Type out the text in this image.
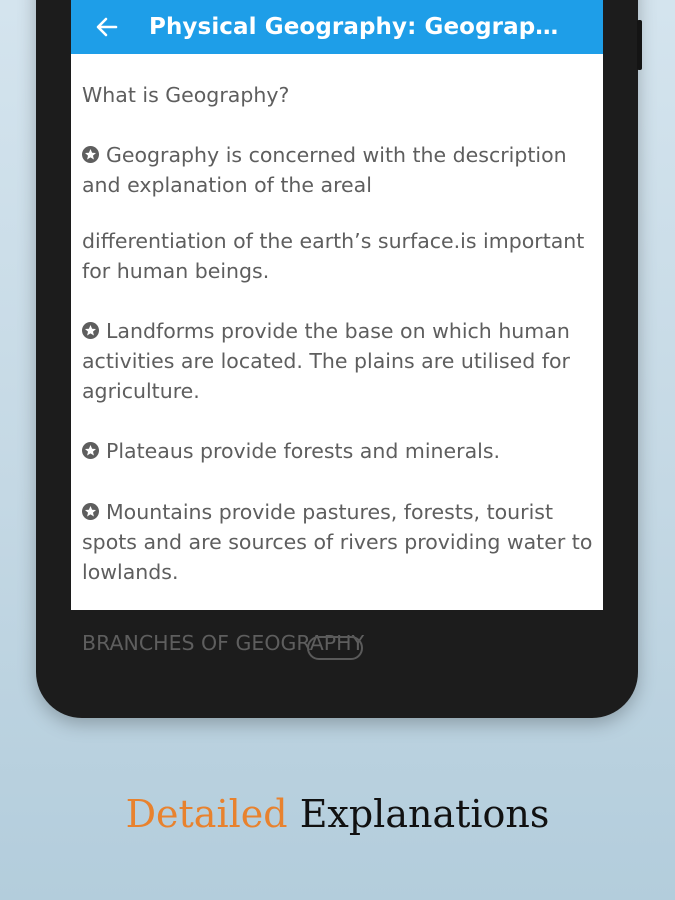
Physical Geography: Geograp…

What is Geography?

Geography is concerned with the description and explanation of the areal

differentiation of the earth’s surface.is important for human beings.

Landforms provide the base on which human activities are located. The plains are utilised for agriculture.

Plateaus provide forests and minerals.

Mountains provide pastures, forests, tourist spots and are sources of rivers providing water to lowlands.

BRANCHES OF GEOGRAPHY

Detailed Explanations
